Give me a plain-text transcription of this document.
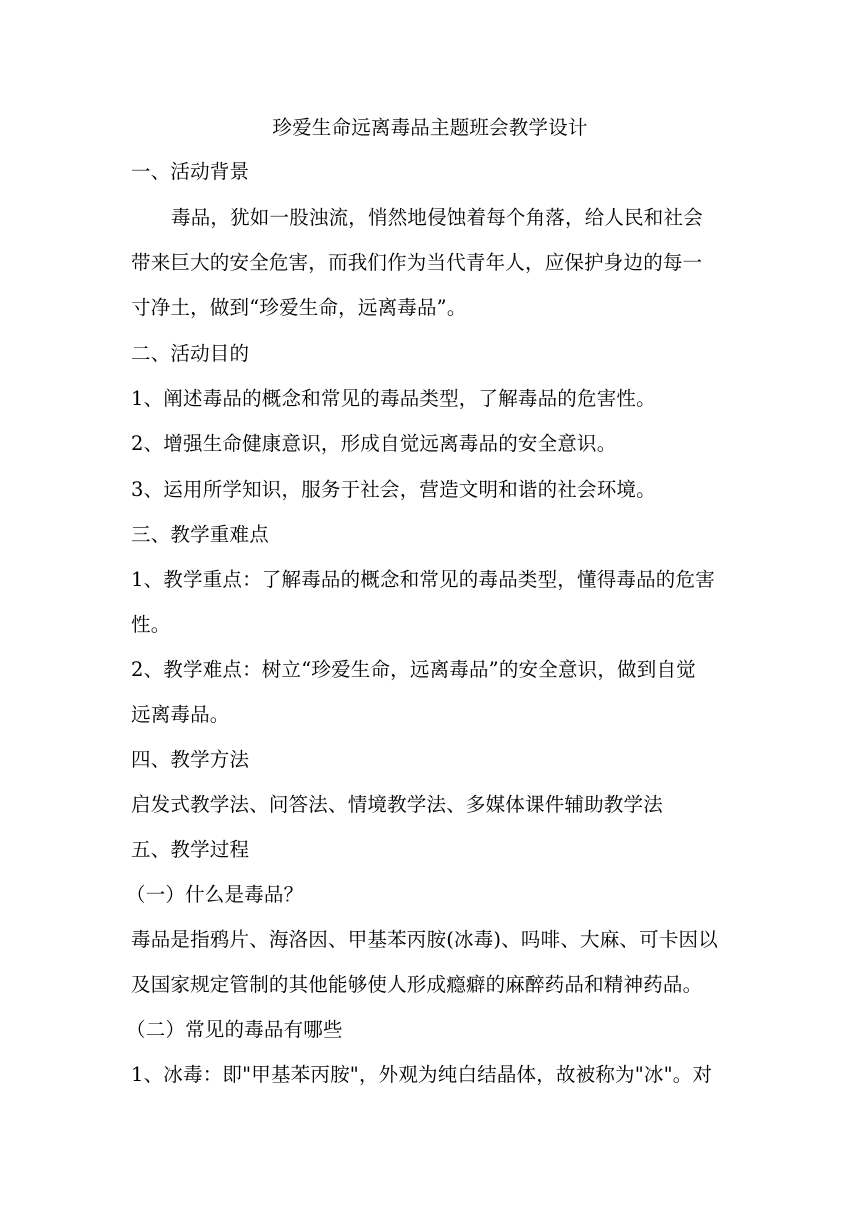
珍爱生命远离毒品主题班会教学设计
一、活动背景
毒品，犹如一股浊流，悄然地侵蚀着每个角落，给人民和社会
带来巨大的安全危害，而我们作为当代青年人，应保护身边的每一
寸净土，做到“珍爱生命，远离毒品”。
二、活动目的
1、阐述毒品的概念和常见的毒品类型，了解毒品的危害性。
2、增强生命健康意识，形成自觉远离毒品的安全意识。
3、运用所学知识，服务于社会，营造文明和谐的社会环境。
三、教学重难点
1、教学重点：了解毒品的概念和常见的毒品类型，懂得毒品的危害
性。
2、教学难点：树立“珍爱生命，远离毒品”的安全意识，做到自觉
远离毒品。
四、教学方法
启发式教学法、问答法、情境教学法、多媒体课件辅助教学法
五、教学过程
（一）什么是毒品？
毒品是指鸦片、海洛因、甲基苯丙胺(冰毒)、吗啡、大麻、可卡因以
及国家规定管制的其他能够使人形成瘾癖的麻醉药品和精神药品。
（二）常见的毒品有哪些
1、冰毒：即"甲基苯丙胺"，外观为纯白结晶体，故被称为"冰"。对
